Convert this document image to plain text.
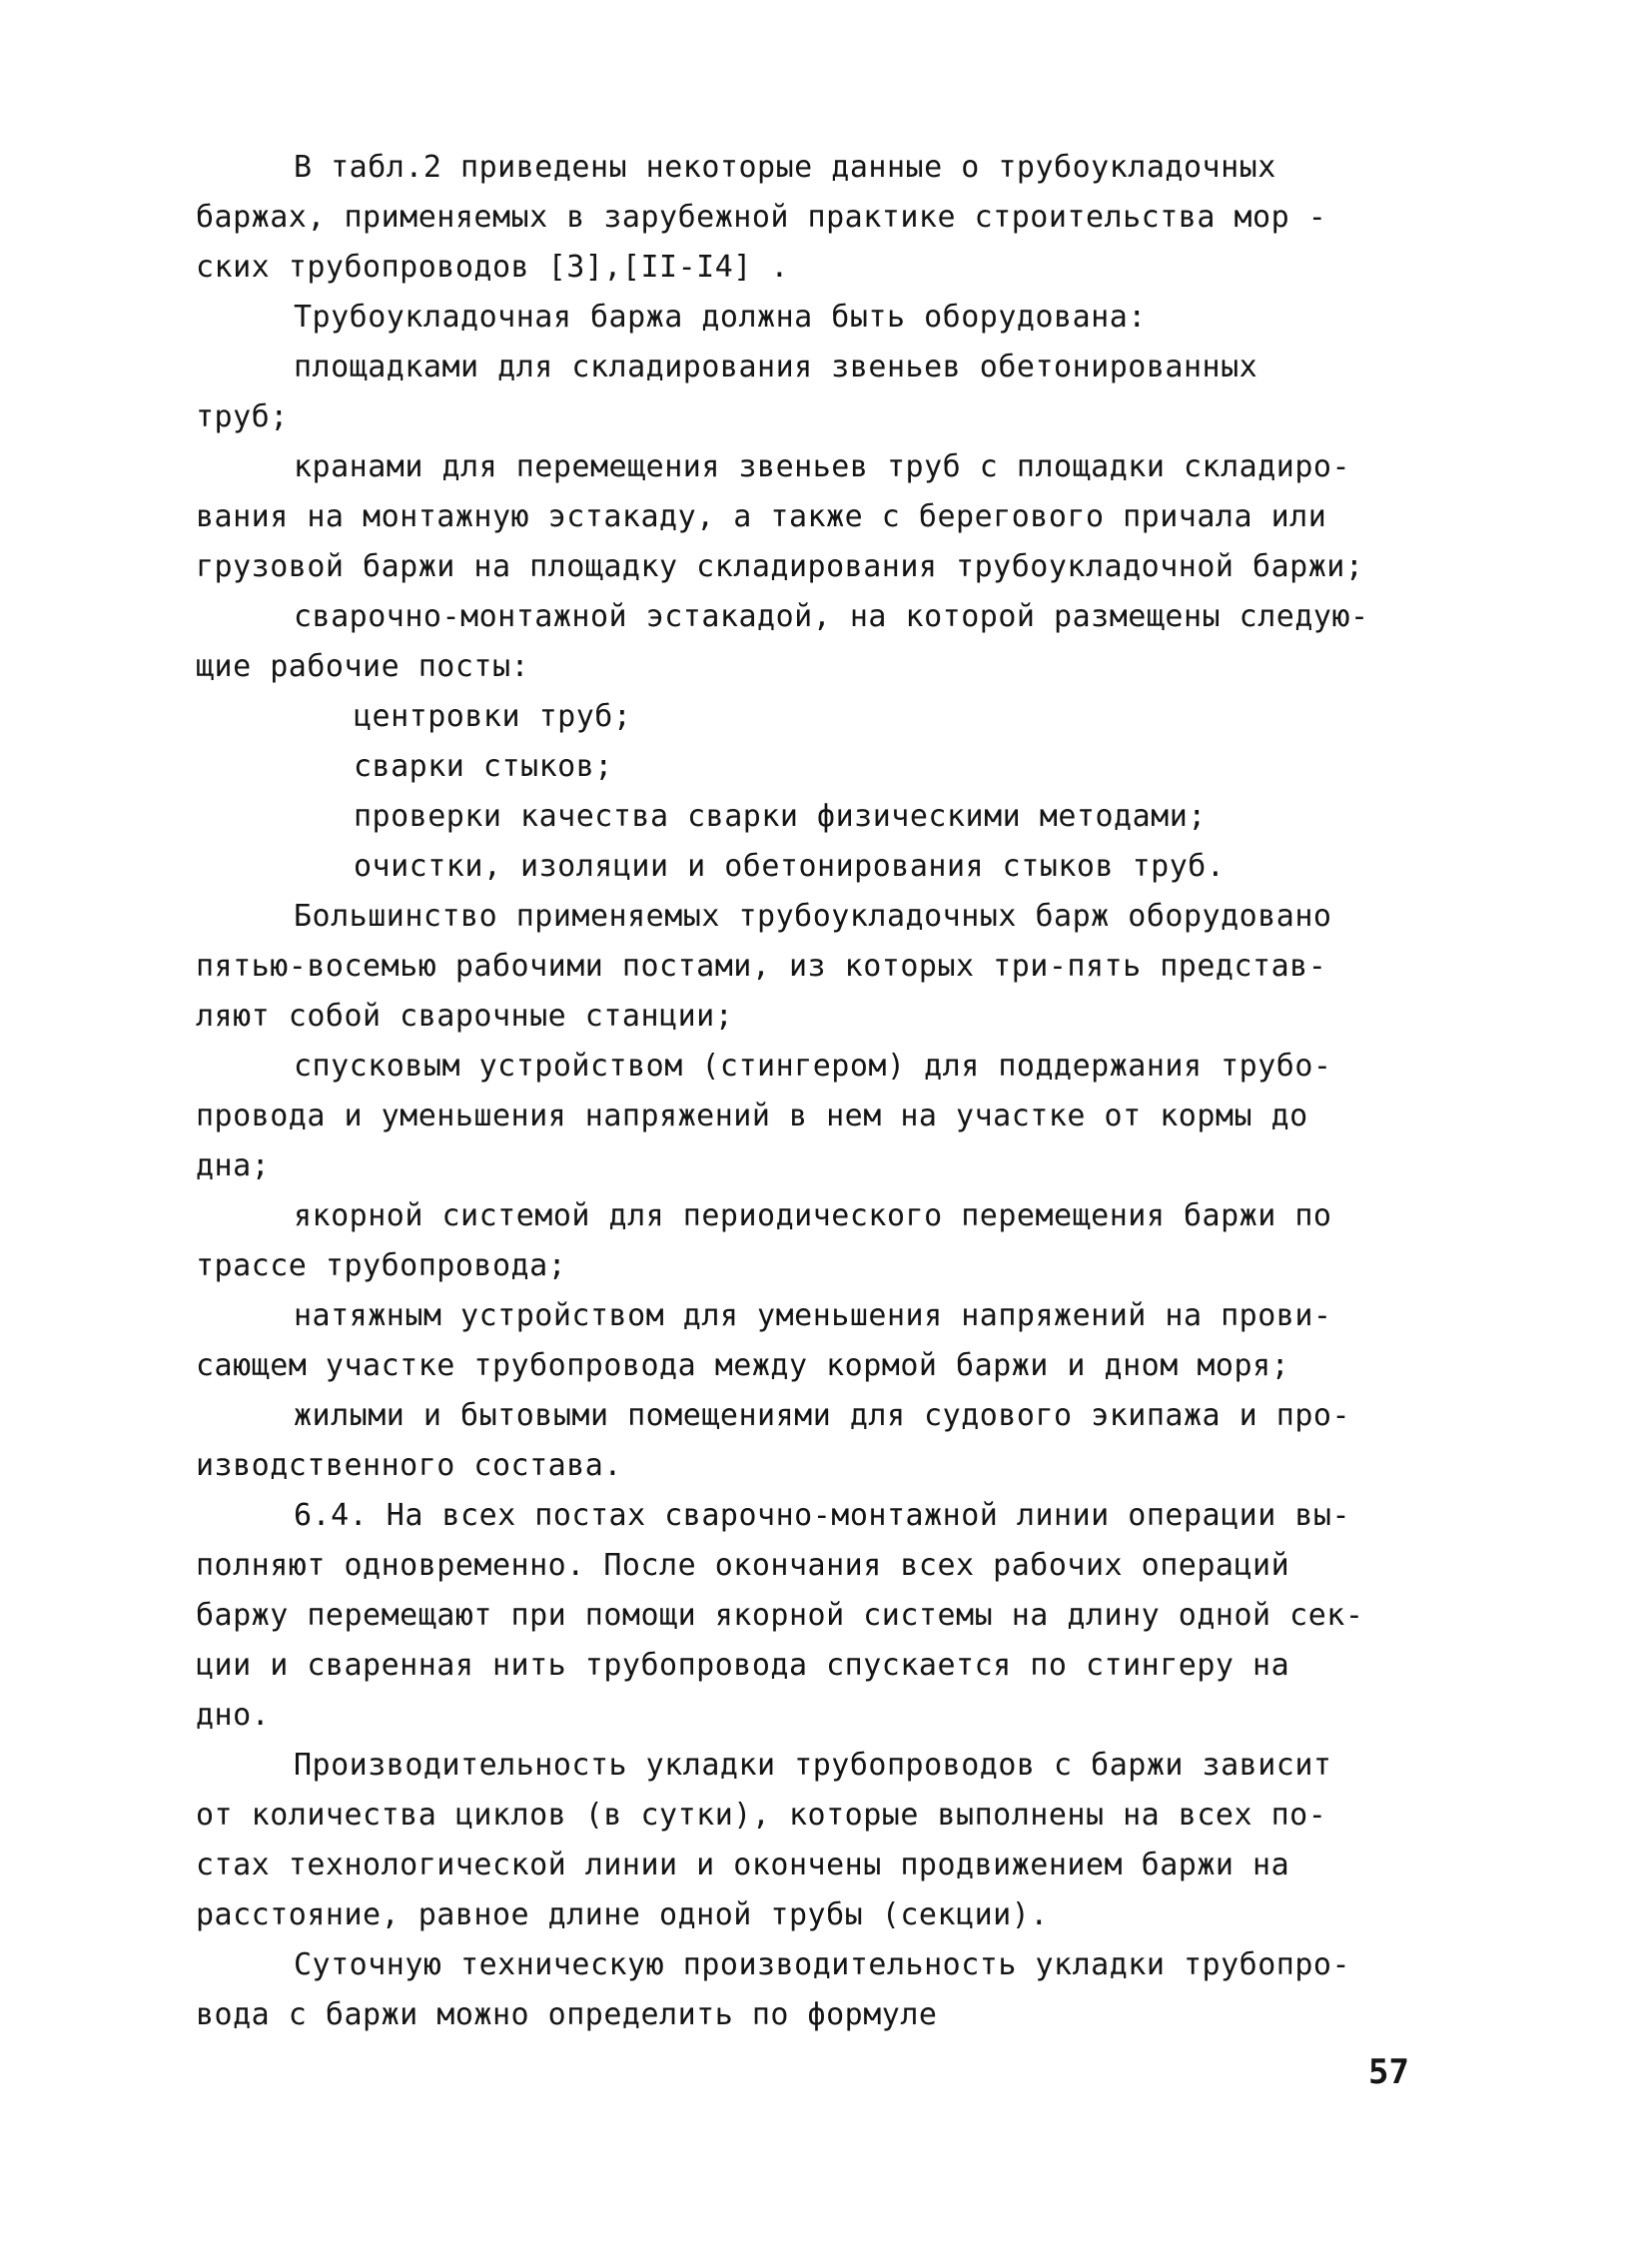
В табл.2 приведены некоторые данные о трубоукладочных
баржах, применяемых в зарубежной практике строительства мор -
ских трубопроводов [3],[II-I4] .
Трубоукладочная баржа должна быть оборудована:
площадками для складирования звеньев обетонированных
труб;
кранами для перемещения звеньев труб с площадки складиро-
вания на монтажную эстакаду, а также с берегового причала или
грузовой баржи на площадку складирования трубоукладочной баржи;
сварочно-монтажной эстакадой, на которой размещены следую-
щие рабочие посты:
центровки труб;
сварки стыков;
проверки качества сварки физическими методами;
очистки, изоляции и обетонирования стыков труб.
Большинство применяемых трубоукладочных барж оборудовано
пятью-восемью рабочими постами, из которых три-пять представ-
ляют собой сварочные станции;
спусковым устройством (стингером) для поддержания трубо-
провода и уменьшения напряжений в нем на участке от кормы до
дна;
якорной системой для периодического перемещения баржи по
трассе трубопровода;
натяжным устройством для уменьшения напряжений на прови-
сающем участке трубопровода между кормой баржи и дном моря;
жилыми и бытовыми помещениями для судового экипажа и про-
изводственного состава.
6.4. На всех постах сварочно-монтажной линии операции вы-
полняют одновременно. После окончания всех рабочих операций
баржу перемещают при помощи якорной системы на длину одной сек-
ции и сваренная нить трубопровода спускается по стингеру на
дно.
Производительность укладки трубопроводов с баржи зависит
от количества циклов (в сутки), которые выполнены на всех по-
стах технологической линии и окончены продвижением баржи на
расстояние, равное длине одной трубы (секции).
Суточную техническую производительность укладки трубопро-
вода с баржи можно определить по формуле
57
